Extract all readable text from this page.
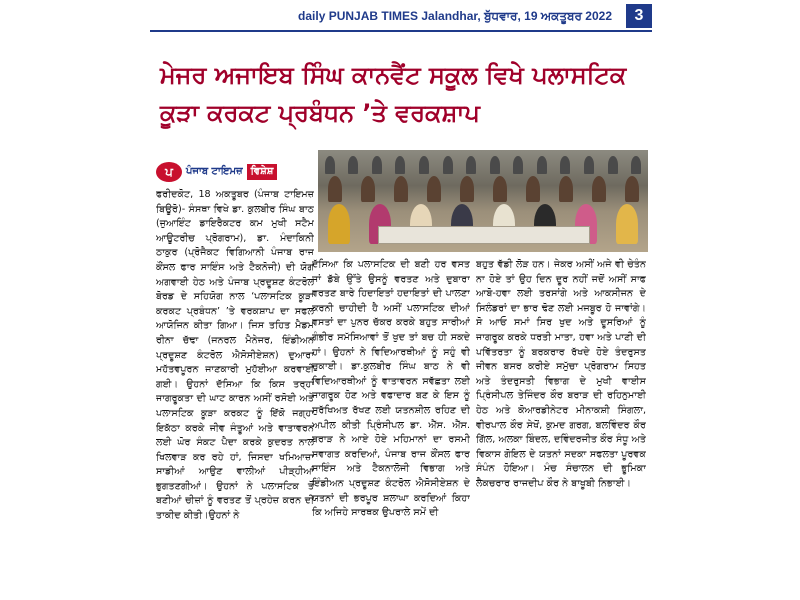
daily PUNJAB TIMES Jalandhar, ਬੁੱਧਵਾਰ, 19 ਅਕਤੂਬਰ 2022	3
ਮੇਜਰ ਅਜਾਇਬ ਸਿੰਘ ਕਾਨਵੈਂਟ ਸਕੂਲ ਵਿਖੇ ਪਲਾਸਟਿਕ ਕੂੜਾ ਕਰਕਟ ਪ੍ਰਬੰਧਨ ’ਤੇ ਵਰਕਸ਼ਾਪ
ਪ	ਪੰਜਾਬ ਟਾਇਮਜ਼ ਵਿਸ਼ੇਸ਼
ਫਰੀਦਕੋਟ, 18 ਅਕਤੂਬਰ (ਪੰਜਾਬ ਟਾਇਮਜ਼ ਬਿਊਰੋ)- ਸੰਸਥਾ ਵਿਖੇ ਡਾ. ਕੁਲਬੀਰ ਸਿੰਘ ਬਾਠ (ਜੁਆਇੰਟ ਡਾਇਰੈਕਟਰ ਕਮ ਮੁਖੀ ਸਟੈਮ ਆਊਟਰੀਚ ਪ੍ਰੋਗਰਾਮ), ਡਾ. ਮੰਦਾਕਿਨੀ ਠਾਕੁਰ (ਪ੍ਰੋਜੈਕਟ ਵਿਗਿਆਨੀ ਪੰਜਾਬ ਰਾਜ ਕੌਂਸਲ ਫਾਰ ਸਾਇੰਸ ਅਤੇ ਟੈਕਨੋਜੀ) ਦੀ ਯੋਗ ਅਗਵਾਈ ਹੇਠ ਅਤੇ ਪੰਜਾਬ ਪ੍ਰਦੂਸ਼ਣ ਕੰਟਰੋਲ ਬੋਰਡ ਦੇ ਸਹਿਯੋਗ ਨਾਲ ‘ਪਲਾਸਟਿਕ ਕੂੜਾ ਕਰਕਟ ਪ੍ਰਬੰਧਨ’ ’ਤੇ ਵਰਕਸ਼ਾਪ ਦਾ ਸਫਲ ਆਯੋਜਿਨ ਕੀਤਾ ਗਿਆ। ਜਿਸ ਤਹਿਤ ਮੈਡਮ ਰੀਨਾ ਚੱਢਾ (ਜਨਰਲ ਮੈਨੇਜਰ, ਇੰਡੀਅਨ ਪ੍ਰਦੂਸ਼ਣ ਕੰਟਰੋਲ ਐਸੋਸੀਏਸ਼ਨ) ਦੁਆਰਾ ਮਹੱਤਵਪੂਰਨ ਜਾਣਕਾਰੀ ਮੁਹੱਈਆ ਕਰਵਾਈ ਗਈ। ਉਹਨਾਂ ਦੱਸਿਆ ਕਿ ਕਿਸ ਤਰ੍ਹਾਂ ਜਾਗਰੂਕਤਾ ਦੀ ਘਾਟ ਕਾਰਨ ਅਸੀਂ ਰਸੋਈ ਅਤੇ ਪਲਾਸਟਿਕ ਕੂੜਾ ਕਰਕਟ ਨੂੰ ਇੱਕੋ ਜਗ੍ਹਾ ਇਕੱਠਾ ਕਰਕੇ ਜੀਵ ਜੰਤੂਆਂ ਅਤੇ ਵਾਤਾਵਰਨ ਲਈ ਘੋਰ ਸੰਕਟ ਪੈਦਾ ਕਰਕੇ ਕੁਦਰਤ ਨਾਲ ਖਿਲਵਾੜ ਕਰ ਰਹੇ ਹਾਂ, ਜਿਸਦਾ ਖਮਿਆਜ਼ਾ ਸਾਡੀਆਂ ਆਉਣ ਵਾਲੀਆਂ ਪੀੜ੍ਹੀਆਂ ਭੁਗਤਣਗੀਆਂ। ਉਹਨਾਂ ਨੇ ਪਲਾਸਟਿਕ ਤੋਂ ਬਣੀਆਂ ਚੀਜ਼ਾਂ ਨੂੰ ਵਰਤਣ ਤੋਂ ਪ੍ਰਹੇਜ਼ ਕਰਨ ਦੀ ਤਾਕੀਦ ਕੀਤੀ।ਉਹਨਾਂ ਨੇ
ਦੱਸਿਆ ਕਿ ਪਲਾਸਟਿਕ ਦੀ ਬਣੀ ਹਰ ਵਸਤ ਜਾਂ ਡੱਬੇ ਉੱਤੇ ਉਸਨੂੰ ਵਰਤਣ ਅਤੇ ਦੁਬਾਰਾ ਵਰਤਣ ਬਾਰੇ ਹਿਦਾਇਤਾਂ ਹਦਾਇਤਾਂ ਦੀ ਪਾਲਣਾ ਕਰਨੀ ਚਾਹੀਦੀ ਹੈ ਅਸੀਂ ਪਲਾਸਟਿਕ ਦੀਆਂ ਵਸਤਾਂ ਦਾ ਪੁਨਰ ਚੱਕਰ ਕਰਕੇ ਬਹੁਤ ਸਾਰੀਆਂ ਗੰਭੀਰ ਸਮੱਸਿਆਵਾਂ ਤੋਂ ਖੁਦ ਤਾਂ ਬਚ ਹੀ ਸਕਦੇ ਹਾਂ। ਉਹਨਾਂ ਨੇ ਵਿਦਿਆਰਥੀਆਂ ਨੂੰ ਸਹੁੰ ਵੀ ਚੁਕਾਈ। ਡਾ.ਕੁਲਬੀਰ ਸਿੰਘ ਬਾਠ ਨੇ ਵੀ ਵਿਦਿਆਰਥੀਆਂ ਨੂੰ ਵਾਤਾਵਰਨ ਸਵੱਛਤਾ ਲਈ ਜਾਗਰੂਕ ਹੋਣ ਅਤੇ ਵਫਾਦਾਰ ਬਣ ਕੇ ਇਸ ਨੂੰ ਸੁਰੱਖਿਅਤ ਰੱਖਣ ਲਈ ਯਤਨਸ਼ੀਲ ਰਹਿਣ ਦੀ ਅਪੀਲ ਕੀਤੀ ਪ੍ਰਿੰਸੀਪਲ ਡਾ. ਐੱਸ. ਐੱਸ. ਬਰਾੜ ਨੇ ਆਏ ਹੋਏ ਮਹਿਮਾਨਾਂ ਦਾ ਰਸਮੀ ਸਵਾਗਤ ਕਰਦਿਆਂ, ਪੰਜਾਬ ਰਾਜ ਕੌਂਸਲ ਫਾਰ ਸਾਇੰਸ ਅਤੇ ਟੈਕਨਾਲੋਜੀ ਵਿਭਾਗ ਅਤੇ ਇੰਡੀਅਨ ਪ੍ਰਦੂਸ਼ਣ ਕੰਟਰੋਲ ਐਸੋਸੀਏਸ਼ਨ ਦੇ ਯਤਨਾਂ ਦੀ ਭਰਪੂਰ ਸ਼ਲਾਘਾ ਕਰਦਿਆਂ ਕਿਹਾ ਕਿ ਅਜਿਹੇ ਸਾਰਥਕ ਉਪਰਾਲੇ ਸਮੇਂ ਦੀ
ਬਹੁਤ ਵੱਡੀ ਲੋੜ ਹਨ। ਜੇਕਰ ਅਸੀਂ ਅਜੇ ਵੀ ਚੇਤੰਨ ਨਾ ਹੋਏ ਤਾਂ ਉਹ ਦਿਨ ਦੂਰ ਨਹੀਂ ਜਦੋਂ ਅਸੀਂ ਸਾਫ ਆਬੋ-ਹਵਾ ਲਈ ਤਰਸਾਂਗੇ ਅਤੇ ਆਕਸੀਜਨ ਦੇ ਸਿਲੰਡਰਾਂ ਦਾ ਭਾਰ ਢੋਣ ਲਈ ਮਜਬੂਰ ਹੋ ਜਾਵਾਂਗੇ। ਸੋ ਆਓ ਸਮਾਂ ਸਿਰ ਖੁਦ ਅਤੇ ਦੂਸਰਿਆਂ ਨੂੰ ਜਾਗਰੂਕ ਕਰਕੇ ਧਰਤੀ ਮਾਤਾ, ਹਵਾ ਅਤੇ ਪਾਣੀ ਦੀ ਪਵਿੱਤਰਤਾ ਨੂੰ ਬਰਕਰਾਰ ਰੱਖਦੇ ਹੋਏ ਤੰਦਰੁਸਤ ਜੀਵਨ ਬਸਰ ਕਰੀਏ ਸਮੁੱਚਾ ਪ੍ਰੋਗਰਾਮ ਸਿਹਤ ਅਤੇ ਤੰਦਰੁਸਤੀ ਵਿਭਾਗ ਦੇ ਮੁਖੀ ਵਾਈਸ ਪ੍ਰਿੰਸੀਪਲ ਤੇਜਿੰਦਰ ਕੌਰ ਬਰਾੜ ਦੀ ਰਹਿਨੁਮਾਈ ਹੇਠ ਅਤੇ ਕੋਆਰਡੀਨੇਟਰ ਮੀਨਾਕਸ਼ੀ ਸਿੰਗਲਾ, ਵੀਰਪਾਲ ਕੌਰ ਸੇਖੋਂ, ਕੁਮਦ ਗਰਗ, ਬਲਵਿੰਦਰ ਕੌਰ ਗਿੱਲ, ਅਲਕਾ ਬਿੰਦਲ, ਦਵਿੰਦਰਜੀਤ ਕੌਰ ਸੰਧੂ ਅਤੇ ਵਿਕਾਸ ਗੋਇਲ ਦੇ ਯਤਨਾਂ ਸਦਕਾ ਸਫਲਤਾ ਪੂਰਵਕ ਸੰਪੰਨ ਹੋਇਆ। ਮੰਚ ਸੰਚਾਲਨ ਦੀ ਭੂਮਿਕਾ ਲੈਕਚਰਾਰ ਰਾਜਦੀਪ ਕੌਰ ਨੇ ਬਾਖੂਬੀ ਨਿਭਾਈ।
